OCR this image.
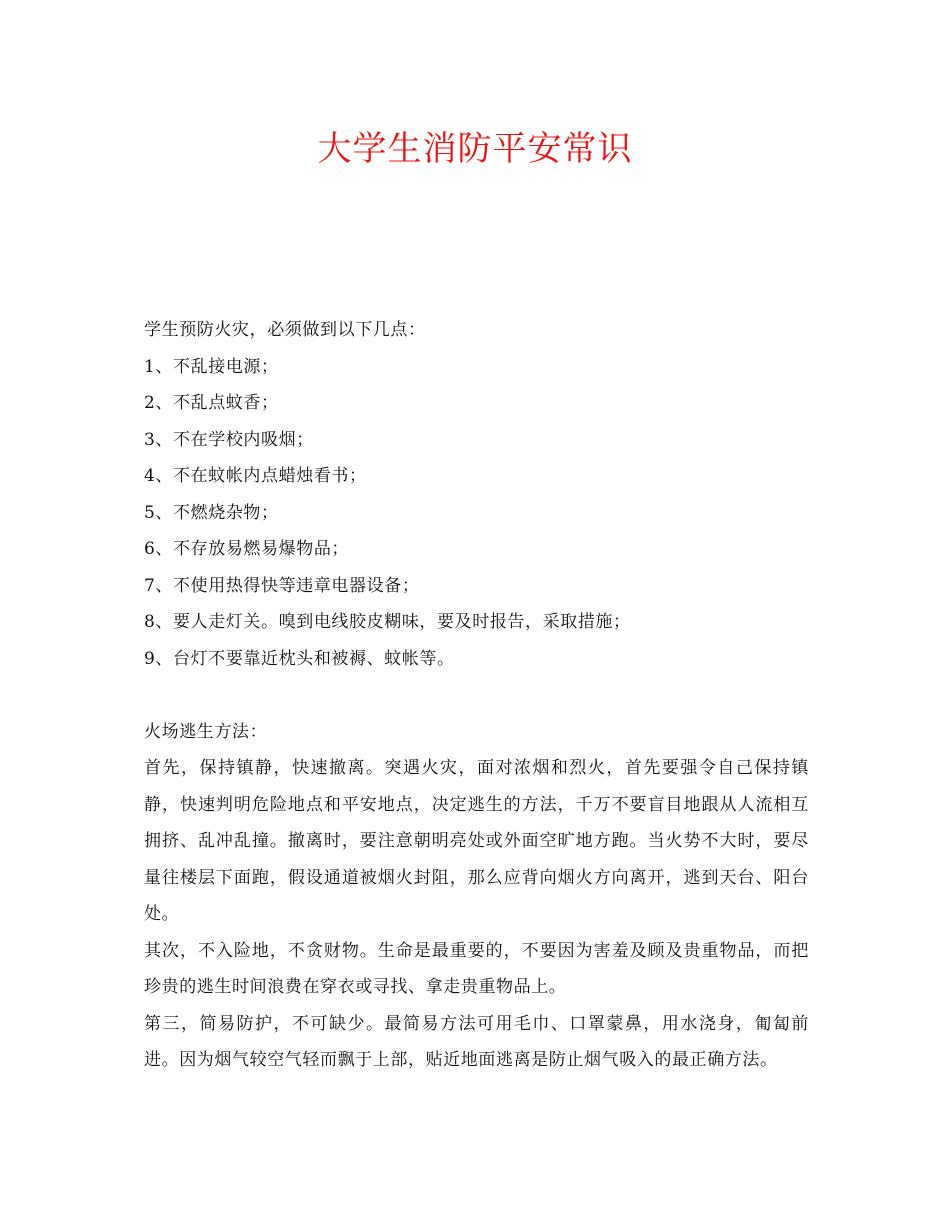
大学生消防平安常识

学生预防火灾，必须做到以下几点：

1、不乱接电源；

2、不乱点蚊香；

3、不在学校内吸烟；

4、不在蚊帐内点蜡烛看书；

5、不燃烧杂物；

6、不存放易燃易爆物品；

7、不使用热得快等违章电器设备；

8、要人走灯关。嗅到电线胶皮糊味，要及时报告，采取措施；

9、台灯不要靠近枕头和被褥、蚊帐等。

火场逃生方法：

首先，保持镇静，快速撤离。突遇火灾，面对浓烟和烈火，首先要强令自己保持镇静，快速判明危险地点和平安地点，决定逃生的方法，千万不要盲目地跟从人流相互拥挤、乱冲乱撞。撤离时，要注意朝明亮处或外面空旷地方跑。当火势不大时，要尽量往楼层下面跑，假设通道被烟火封阻，那么应背向烟火方向离开，逃到天台、阳台处。

其次，不入险地，不贪财物。生命是最重要的，不要因为害羞及顾及贵重物品，而把珍贵的逃生时间浪费在穿衣或寻找、拿走贵重物品上。

第三，简易防护，不可缺少。最简易方法可用毛巾、口罩蒙鼻，用水浇身，匍匐前进。因为烟气较空气轻而飘于上部，贴近地面逃离是防止烟气吸入的最正确方法。
